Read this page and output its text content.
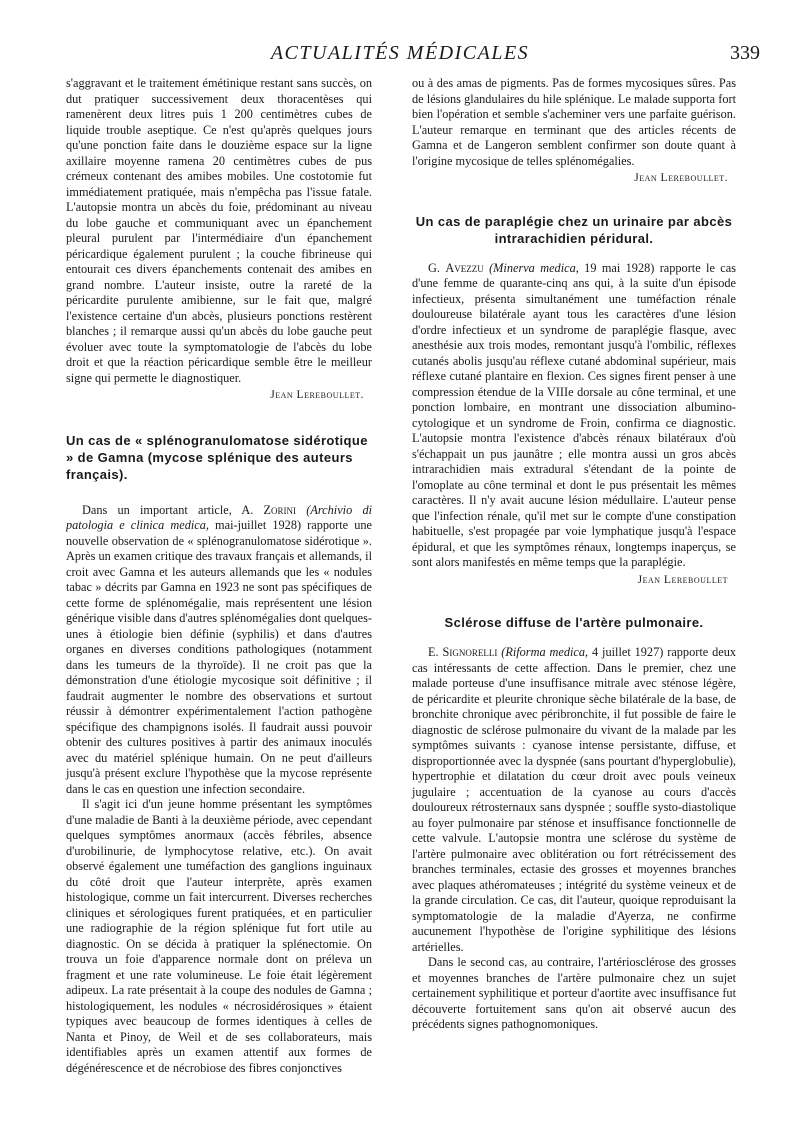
ACTUALITÉS MÉDICALES	339

s'aggravant et le traitement émétinique restant sans succès, on dut pratiquer successivement deux thoracentèses qui ramenèrent deux litres puis 1 200 centimètres cubes de liquide trouble aseptique. Ce n'est qu'après quelques jours qu'une ponction faite dans le douzième espace sur la ligne axillaire moyenne ramena 20 centimètres cubes de pus crémeux contenant des amibes mobiles. Une costotomie fut immédiatement pratiquée, mais n'empêcha pas l'issue fatale. L'autopsie montra un abcès du foie, prédominant au niveau du lobe gauche et communiquant avec un épanchement pleural purulent par l'intermédiaire d'un épanchement péricardique également purulent ; la couche fibrineuse qui entourait ces divers épanchements contenait des amibes en grand nombre. L'auteur insiste, outre la rareté de la péricardite purulente amibienne, sur le fait que, malgré l'existence certaine d'un abcès, plusieurs ponctions restèrent blanches ; il remarque aussi qu'un abcès du lobe gauche peut évoluer avec toute la symptomatologie de l'abcès du lobe droit et que la réaction péricardique semble être le meilleur signe qui permette le diagnostiquer.

Jean Lereboullet.
Un cas de « splénogranulomatose sidérotique » de Gamna (mycose splénique des auteurs français).

Dans un important article, A. Zorini (Archivio di patologia e clinica medica, mai-juillet 1928) rapporte une nouvelle observation de « splénogranulomatose sidérotique ». Après un examen critique des travaux français et allemands, il croit avec Gamna et les auteurs allemands que les « nodules tabac » décrits par Gamna en 1923 ne sont pas spécifiques de cette forme de splénomégalie, mais représentent une lésion générique visible dans d'autres splénomégalies dont quelques-unes à étiologie bien définie (syphilis) et dans d'autres organes en diverses conditions pathologiques (notamment dans les tumeurs de la thyroïde). Il ne croit pas que la démonstration d'une étiologie mycosique soit définitive ; il faudrait augmenter le nombre des observations et surtout réussir à démontrer expérimentalement l'action pathogène spécifique des champignons isolés. Il faudrait aussi pouvoir obtenir des cultures positives à partir des animaux inoculés avec du matériel splénique humain. On ne peut d'ailleurs jusqu'à présent exclure l'hypothèse que la mycose représente dans le cas en question une infection secondaire.

Il s'agit ici d'un jeune homme présentant les symptômes d'une maladie de Banti à la deuxième période, avec cependant quelques symptômes anormaux (accès fébriles, absence d'urobilinurie, de lymphocytose relative, etc.). On avait observé également une tuméfaction des ganglions inguinaux du côté droit que l'auteur interprète, après examen histologique, comme un fait intercurrent. Diverses recherches cliniques et sérologiques furent pratiquées, et en particulier une radiographie de la région splénique fut fort utile au diagnostic. On se décida à pratiquer la splénectomie. On trouva un foie d'apparence normale dont on préleva un fragment et une rate volumineuse. Le foie était légèrement adipeux. La rate présentait à la coupe des nodules de Gamna ; histologiquement, les nodules « nécrosidérosiques » étaient typiques avec beaucoup de formes identiques à celles de Nanta et Pinoy, de Weil et de ses collaborateurs, mais identifiables après un examen attentif aux formes de dégénérescence et de nécrobiose des fibres conjonctives

ou à des amas de pigments. Pas de formes mycosiques sûres. Pas de lésions glandulaires du hile splénique. Le malade supporta fort bien l'opération et semble s'acheminer vers une parfaite guérison. L'auteur remarque en terminant que des articles récents de Gamna et de Langeron semblent confirmer son doute quant à l'origine mycosique de telles splénomégalies.

Jean Lereboullet.
Un cas de paraplégie chez un urinaire par abcès intrarachidien péridural.

G. Avezzu (Minerva medica, 19 mai 1928) rapporte le cas d'une femme de quarante-cinq ans qui, à la suite d'un épisode infectieux, présenta simultanément une tuméfaction rénale douloureuse bilatérale ayant tous les caractères d'une lésion d'ordre infectieux et un syndrome de paraplégie flasque, avec anesthésie aux trois modes, remontant jusqu'à l'ombilic, réflexes cutanés abolis jusqu'au réflexe cutané abdominal supérieur, mais réflexe cutané plantaire en flexion. Ces signes firent penser à une compression étendue de la VIIIe dorsale au cône terminal, et une ponction lombaire, en montrant une dissociation albumino-cytologique et un syndrome de Froin, confirma ce diagnostic. L'autopsie montra l'existence d'abcès rénaux bilatéraux d'où s'échappait un pus jaunâtre ; elle montra aussi un gros abcès intrarachidien mais extradural s'étendant de la pointe de l'omoplate au cône terminal et dont le pus présentait les mêmes caractères. Il n'y avait aucune lésion médullaire. L'auteur pense que l'infection rénale, qu'il met sur le compte d'une constipation habituelle, s'est propagée par voie lymphatique jusqu'à l'espace épidural, et que les symptômes rénaux, longtemps inaperçus, se sont alors manifestés en même temps que la paraplégie.

Jean Lereboullet
Sclérose diffuse de l'artère pulmonaire.

E. Signorelli (Riforma medica, 4 juillet 1927) rapporte deux cas intéressants de cette affection. Dans le premier, chez une malade porteuse d'une insuffisance mitrale avec sténose légère, de péricardite et pleurite chronique sèche bilatérale de la base, de bronchite chronique avec péribronchite, il fut possible de faire le diagnostic de sclérose pulmonaire du vivant de la malade par les symptômes suivants : cyanose intense persistante, diffuse, et disproportionnée avec la dyspnée (sans pourtant d'hyperglobulie), hypertrophie et dilatation du cœur droit avec pouls veineux jugulaire ; accentuation de la cyanose au cours d'accès douloureux rétrosternaux sans dyspnée ; souffle systo-diastolique au foyer pulmonaire par sténose et insuffisance fonctionnelle de cette valvule. L'autopsie montra une sclérose du système de l'artère pulmonaire avec oblitération ou fort rétrécissement des branches terminales, ectasie des grosses et moyennes branches avec plaques athéromateuses ; intégrité du système veineux et de la grande circulation. Ce cas, dit l'auteur, quoique reproduisant la symptomatologie de la maladie d'Ayerza, ne confirme aucunement l'hypothèse de l'origine syphilitique des lésions artérielles.

Dans le second cas, au contraire, l'artériosclérose des grosses et moyennes branches de l'artère pulmonaire chez un sujet certainement syphilitique et porteur d'aortite avec insuffisance fut découverte fortuitement sans qu'on ait observé aucun des précédents signes pathognomoniques.
